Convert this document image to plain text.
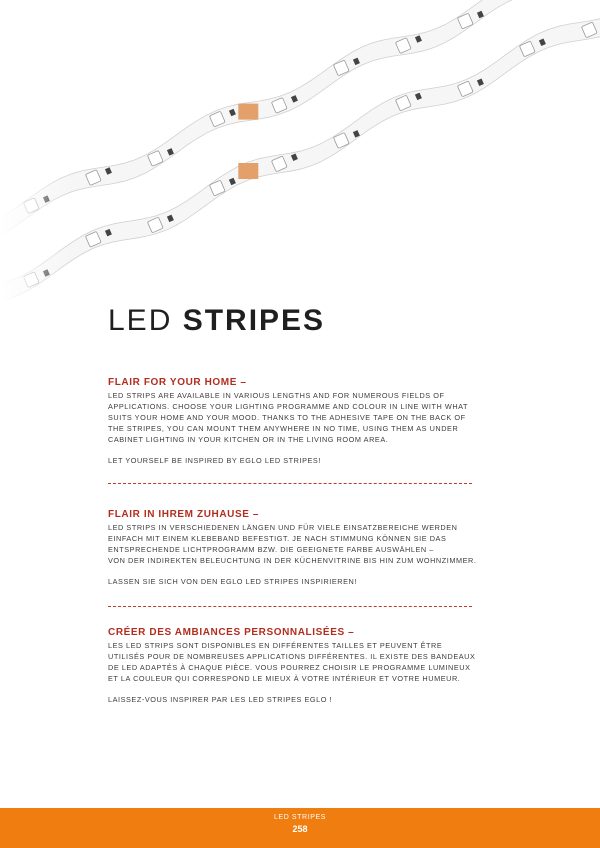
LED STRIPES
FLAIR FOR YOUR HOME –

LED STRIPS ARE AVAILABLE IN VARIOUS LENGTHS AND FOR NUMEROUS FIELDS OF
APPLICATIONS. CHOOSE YOUR LIGHTING PROGRAMME AND COLOUR IN LINE WITH WHAT
SUITS YOUR HOME AND YOUR MOOD. THANKS TO THE ADHESIVE TAPE ON THE BACK OF
THE STRIPES, YOU CAN MOUNT THEM ANYWHERE IN NO TIME, USING THEM AS UNDER
CABINET LIGHTING IN YOUR KITCHEN OR IN THE LIVING ROOM AREA.

LET YOURSELF BE INSPIRED BY EGLO LED STRIPES!

FLAIR IN IHREM ZUHAUSE –

LED STRIPS IN VERSCHIEDENEN LÄNGEN UND FÜR VIELE EINSATZBEREICHE WERDEN
EINFACH MIT EINEM KLEBEBAND BEFESTIGT. JE NACH STIMMUNG KÖNNEN SIE DAS
ENTSPRECHENDE LICHTPROGRAMM BZW. DIE GEEIGNETE FARBE AUSWÄHLEN –
VON DER INDIREKTEN BELEUCHTUNG IN DER KÜCHENVITRINE BIS HIN ZUM WOHNZIMMER.

LASSEN SIE SICH VON DEN EGLO LED STRIPES INSPIRIEREN!

CRÉER DES AMBIANCES PERSONNALISÉES –

LES LED STRIPS SONT DISPONIBLES EN DIFFÉRENTES TAILLES ET PEUVENT ÊTRE
UTILISÉS POUR DE NOMBREUSES APPLICATIONS DIFFÉRENTES. IL EXISTE DES BANDEAUX
DE LED ADAPTÉS À CHAQUE PIÈCE. VOUS POURREZ CHOISIR LE PROGRAMME LUMINEUX
ET LA COULEUR QUI CORRESPOND LE MIEUX À VOTRE INTÉRIEUR ET VOTRE HUMEUR.

LAISSEZ-VOUS INSPIRER PAR LES LED STRIPES EGLO !

LED STRIPES
258
